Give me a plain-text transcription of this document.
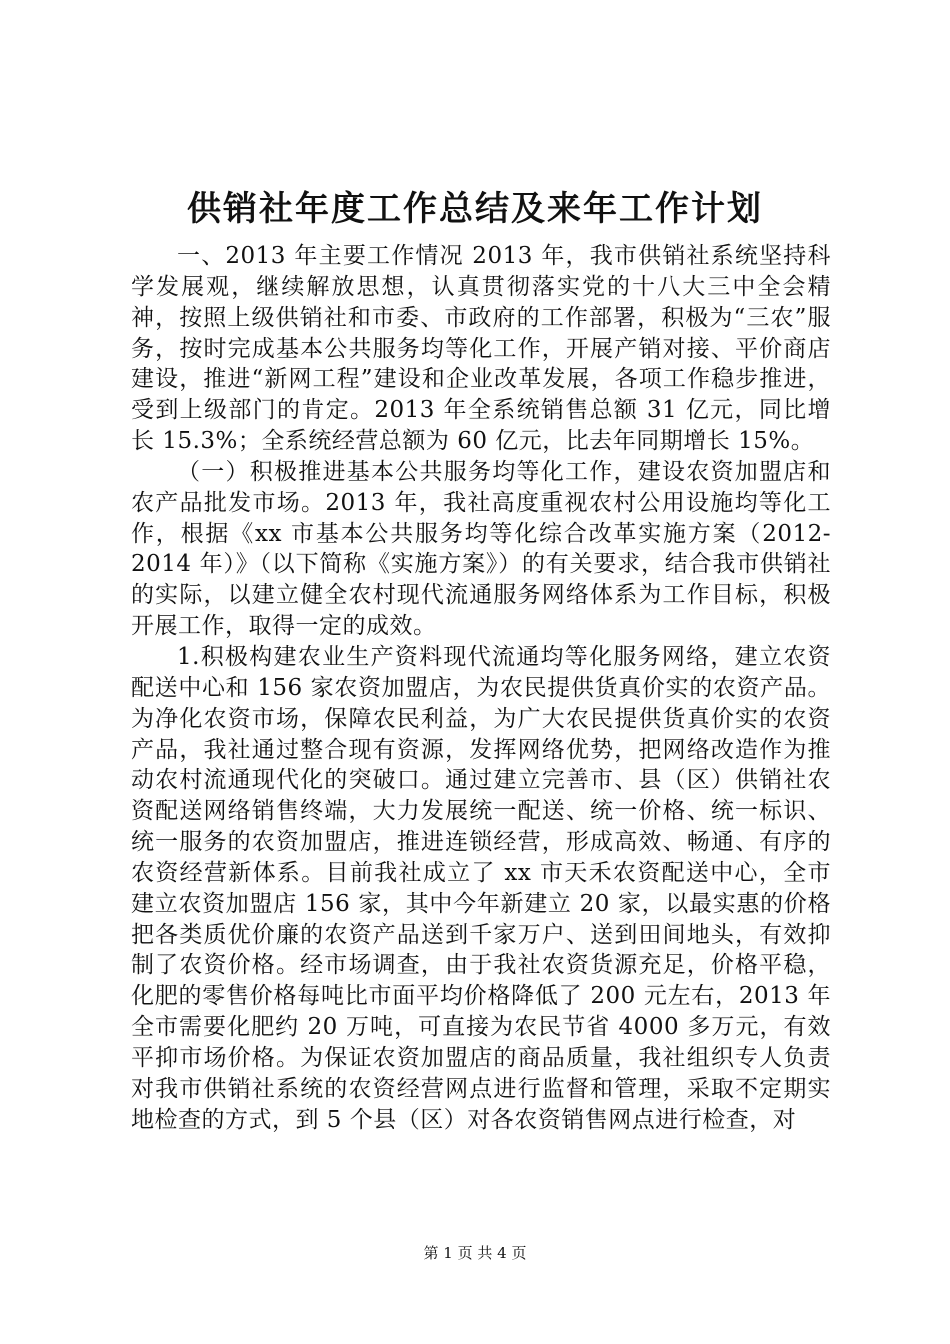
供销社年度工作总结及来年工作计划

一、2013 年主要工作情况 2013 年，我市供销社系统坚持科学发展观，继续解放思想，认真贯彻落实党的十八大三中全会精神，按照上级供销社和市委、市政府的工作部署，积极为“三农”服务，按时完成基本公共服务均等化工作，开展产销对接、平价商店建设，推进“新网工程”建设和企业改革发展，各项工作稳步推进，受到上级部门的肯定。2013 年全系统销售总额 31 亿元，同比增长 15.3%；全系统经营总额为 60 亿元，比去年同期增长 15%。

（一）积极推进基本公共服务均等化工作，建设农资加盟店和农产品批发市场。2013 年，我社高度重视农村公用设施均等化工作，根据《xx 市基本公共服务均等化综合改革实施方案（2012-2014 年）》（以下简称《实施方案》）的有关要求，结合我市供销社的实际，以建立健全农村现代流通服务网络体系为工作目标，积极开展工作，取得一定的成效。

1.积极构建农业生产资料现代流通均等化服务网络，建立农资配送中心和 156 家农资加盟店，为农民提供货真价实的农资产品。为净化农资市场，保障农民利益，为广大农民提供货真价实的农资产品，我社通过整合现有资源，发挥网络优势，把网络改造作为推动农村流通现代化的突破口。通过建立完善市、县（区）供销社农资配送网络销售终端，大力发展统一配送、统一价格、统一标识、统一服务的农资加盟店，推进连锁经营，形成高效、畅通、有序的农资经营新体系。目前我社成立了 xx 市天禾农资配送中心，全市建立农资加盟店 156 家，其中今年新建立 20 家，以最实惠的价格把各类质优价廉的农资产品送到千家万户、送到田间地头，有效抑制了农资价格。经市场调查，由于我社农资货源充足，价格平稳，化肥的零售价格每吨比市面平均价格降低了 200 元左右，2013 年全市需要化肥约 20 万吨，可直接为农民节省 4000 多万元，有效平抑市场价格。为保证农资加盟店的商品质量，我社组织专人负责对我市供销社系统的农资经营网点进行监督和管理，采取不定期实地检查的方式，到 5 个县（区）对各农资销售网点进行检查，对

第 1 页 共 4 页
